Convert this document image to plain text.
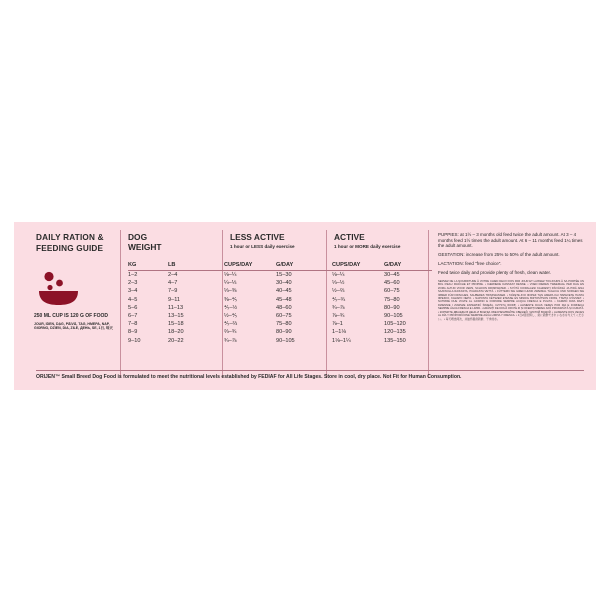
DAILY RATION &
FEEDING GUIDE
250 ML CUP IS 120 G OF FOOD
JOUR, IDEN, DAG, PÄIVÄ, TAG, HMEPA, NAP, GIORNO, DZIEŃ, DIA, ZILE, ДЕНЬ, SE, 1日, 每天
DOG
WEIGHT
LESS ACTIVE
1 hour or LESS daily exercise
ACTIVE
1 hour or MORE daily exercise
KG	LB	CUPS/DAY	G/DAY	CUPS/DAY	G/DAY
1–2	2–4	⅛–¼	15–30	⅛–¼	30–45
2–3	4–7	¼–⅓	30–40	⅓–½	45–60
3–4	7–9	⅓–⅜	40–45	½–⅔	60–75
4–5	9–11	⅜–⅘	45–48	⅘–¾	75–80
5–6	11–13	⅘–½	48–60	¾–⅞	80–90
6–7	13–15	½–⅘	60–75	⅞–¾	90–105
7–8	15–18	⅘–⅔	75–80	⅞–1	105–120
8–9	18–20	⅔–¾	80–90	1–1⅛	120–135
9–10	20–22	¾–⅞	90–105	1⅛–1¼	135–150
PUPPIES: at 1½ – 3 months old feed twice the adult amount. At 3 – 4 months feed 1½ times the adult amount. At 6 – 11 months feed 1¼ times the adult amount.
GESTATION: increase from 25% to 50% of the adult amount.
LACTATION: feed "free choice".
Feed twice daily and provide plenty of fresh, clean water.
SERVEZ DE LA NOURRITURE À VOTRE CHIEN DEUX FOIS PAR JOUR ET LAISSEZ TOUJOURS À SA PORTÉE UN BOL D'EAU FRAÎCHE ET PROPRE. • KÆRNEDE DANSKAT DENNE. • VOED DIEREN TWEEMAAL PER DAG EN ZORG ALTIJD VOOR VERS, SCHOON DRINKWATER. • SYÖTÄ KOIRALLESI KAHDESTI PÄIVÄSSÄ JA PIDÄ AINA SAATAVILLA RAIKASTA, PUHDASTA VETTÄ. • FÜTTERN SIE IHREN HUND ZWEIMAL TÄGLICH UND SORGEN SIE IMMER FÜR FRISCHES, SAUBERES TRINKWASSER. • ΤΑΪΖΕΤΕ ΔΥΟ ΦΟΡΕΣ ΤΗΝ ΗΜΕΡΑ ΚΑΙ ΠΑΡΕΧΕΤΕ ΠΑΝΤΑ ΦΡΕΣΚΟ, ΚΑΘΑΡΟ ΝΕΡΟ. • NAPONTA KÉTSZER ETESSE ÉS MINDIG BIZTOSÍTSON FRISS, TISZTA IVÓVIZET. • NUTRIRE DUE VOLTE AL GIORNO E FORNIRE SEMPRE ACQUA FRESCA E PULITA. • KARMIĆ DWA RAZY DZIENNIE I ZAWSZE ZAPEWNIĆ ŚWIEŻĄ, CZYSTĄ WODĘ. • ALIMENTE DUAS VEZES POR DIA E FORNEÇA SEMPRE ÁGUA FRESCA E LIMPA. • HRĂNIȚI DE DOUĂ ORI PE ZI ȘI OFERIȚI MEREU APĂ PROASPĂTĂ ȘI CURATĂ. • КОРМИТЕ ДВАЖДЫ В ДЕНЬ И ВСЕГДА ОБЕСПЕЧИВАЙТЕ СВЕЖЕЙ, ЧИСТОЙ ВОДОЙ. • ALIMENTE DOS VECES AL DÍA Y PROPORCIONE SIEMPRE AGUA LIMPIA Y FRESCA. • 1日2回給餌し、常に新鮮できれいな水を与えてください。 • 每天喂食两次，并始终提供新鲜、干净的水。
ORIJEN™ Small Breed Dog Food is formulated to meet the nutritional levels established by FEDIAF for All Life Stages. Store in cool, dry place. Not Fit for Human Consumption.
